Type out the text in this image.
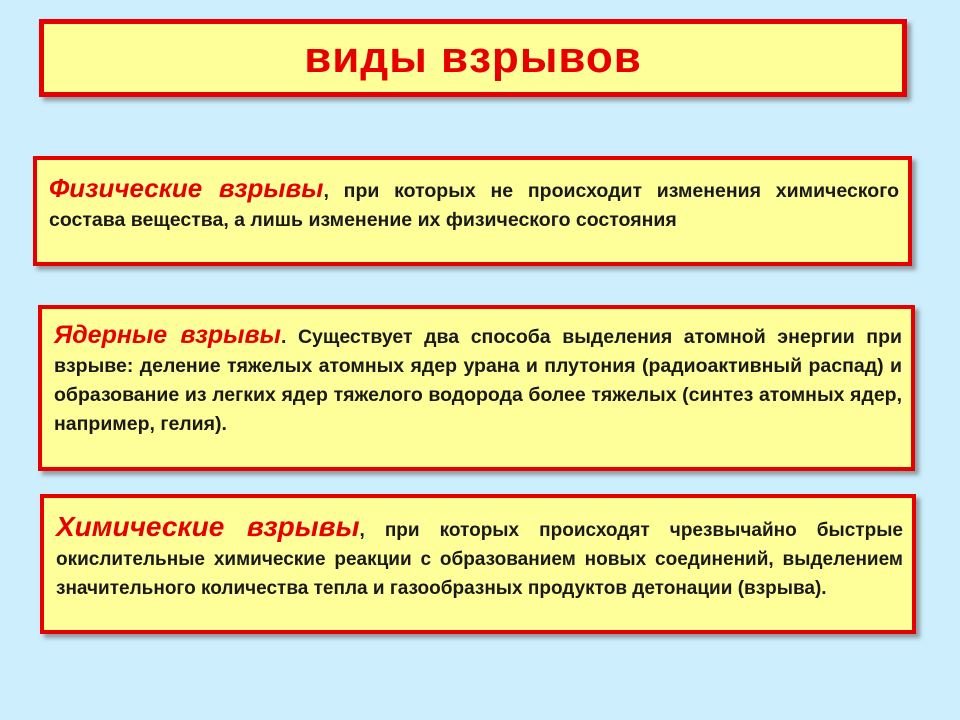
виды взрывов
Физические взрывы, при которых не происходит изменения химического состава вещества, а лишь изменение их физического состояния
Ядерные взрывы. Существует два способа выделения атомной энергии при взрыве: деление тяжелых атомных ядер урана и плутония (радиоактивный распад) и образование из легких ядер тяжелого водорода более тяжелых (синтез атомных ядер, например, гелия).
Химические взрывы, при которых происходят чрезвычайно быстрые окислительные химические реакции с образованием новых соединений, выделением значительного количества тепла и газообразных продуктов детонации (взрыва).
